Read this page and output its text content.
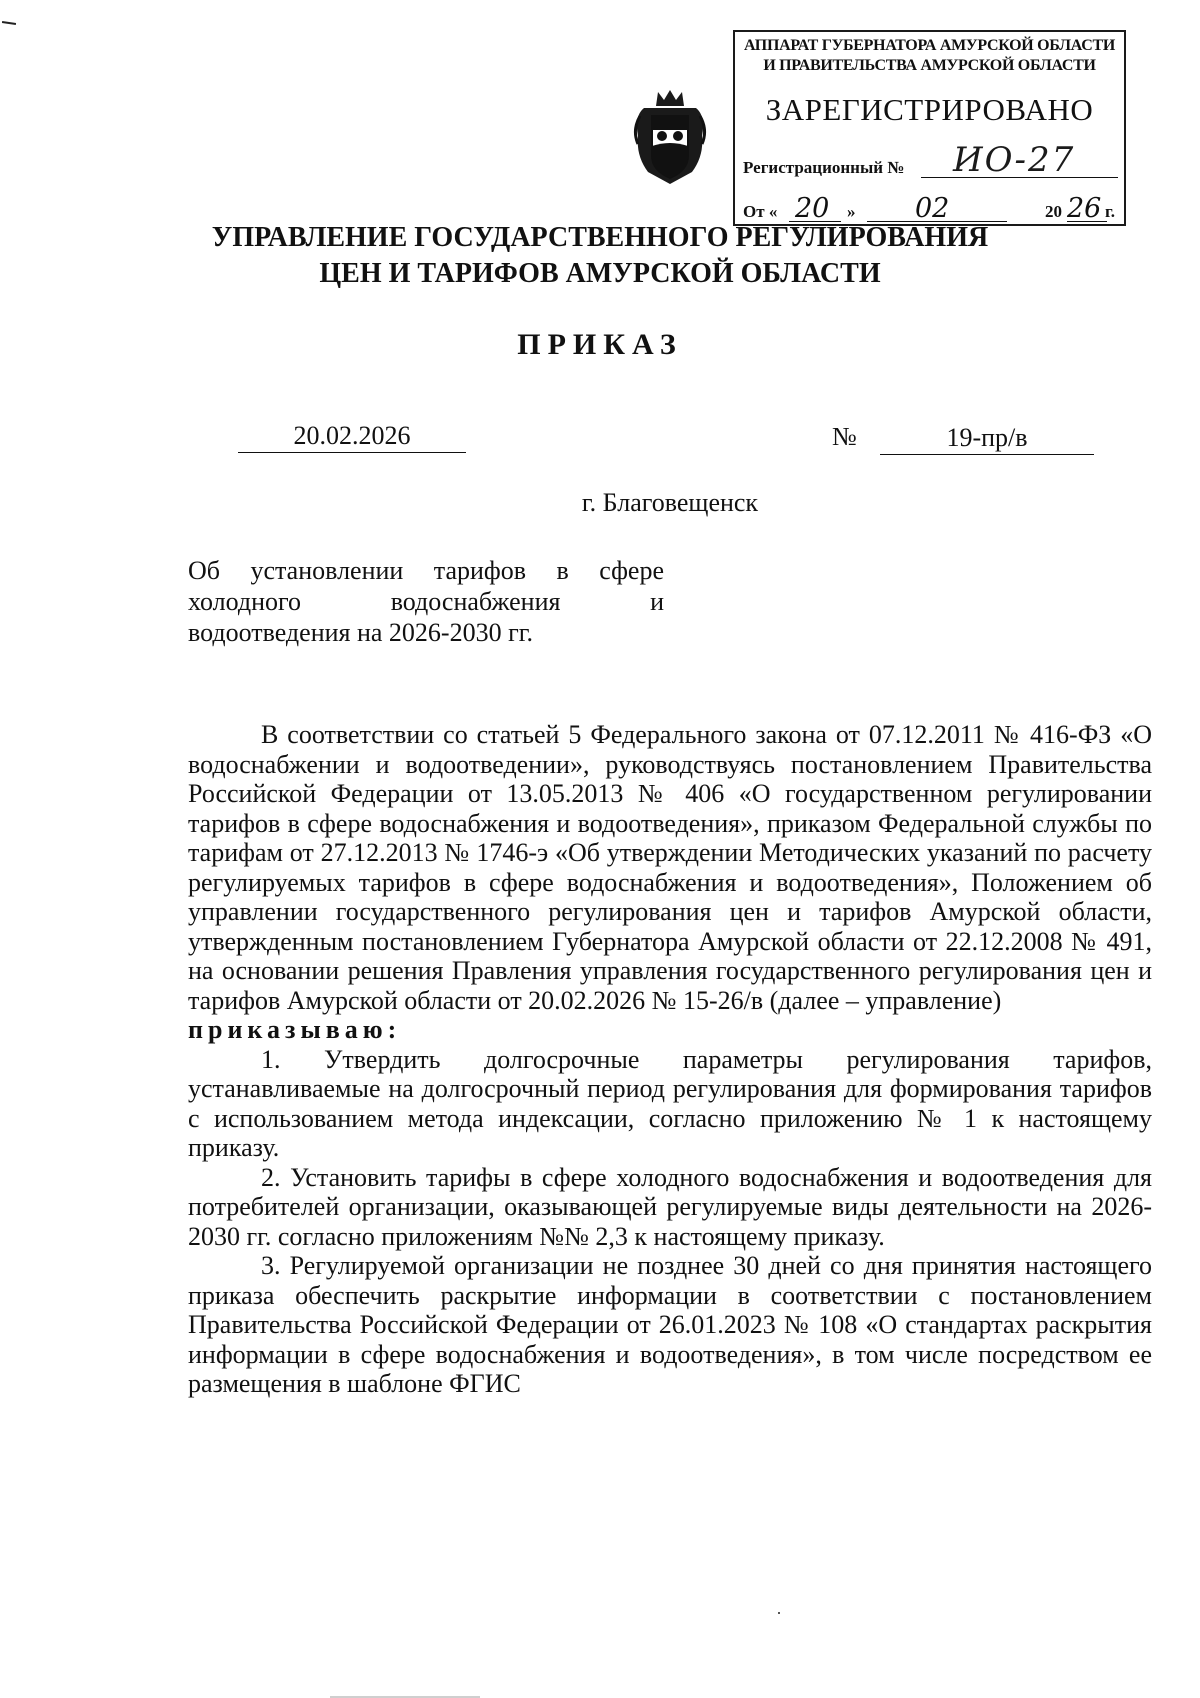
АППАРАТ ГУБЕРНАТОРА АМУРСКОЙ ОБЛАСТИ
И ПРАВИТЕЛЬСТВА АМУРСКОЙ ОБЛАСТИ
ЗАРЕГИСТРИРОВАНО
Регистрационный № ИО-27
От « 20 » 02	20 26 г.
УПРАВЛЕНИЕ ГОСУДАРСТВЕННОГО РЕГУЛИРОВАНИЯ
ЦЕН И ТАРИФОВ АМУРСКОЙ ОБЛАСТИ
ПРИКАЗ
20.02.2026	№	19-пр/в
г. Благовещенск
Об установлении тарифов в сфере
холодного водоснабжения и
водоотведения на 2026-2030 гг.

В соответствии со статьей 5 Федерального закона от 07.12.2011 № 416-ФЗ «О водоснабжении и водоотведении», руководствуясь постановлением Правительства Российской Федерации от 13.05.2013 № 406 «О государственном регулировании тарифов в сфере водоснабжения и водоотведения», приказом Федеральной службы по тарифам от 27.12.2013 № 1746-э «Об утверждении Методических указаний по расчету регулируемых тарифов в сфере водоснабжения и водоотведения», Положением об управлении государственного регулирования цен и тарифов Амурской области, утвержденным постановлением Губернатора Амурской области от 22.12.2008 № 491, на основании решения Правления управления государственного регулирования цен и тарифов Амурской области от 20.02.2026 № 15-26/в (далее – управление)

приказываю:

1. Утвердить долгосрочные параметры регулирования тарифов, устанавливаемые на долгосрочный период регулирования для формирования тарифов с использованием метода индексации, согласно приложению № 1 к настоящему приказу.

2. Установить тарифы в сфере холодного водоснабжения и водоотведения для потребителей организации, оказывающей регулируемые виды деятельности на 2026-2030 гг. согласно приложениям №№ 2,3 к настоящему приказу.

3. Регулируемой организации не позднее 30 дней со дня принятия настоящего приказа обеспечить раскрытие информации в соответствии с постановлением Правительства Российской Федерации от 26.01.2023 № 108 «О стандартах раскрытия информации в сфере водоснабжения и водоотведения», в том числе посредством ее размещения в шаблоне ФГИС
